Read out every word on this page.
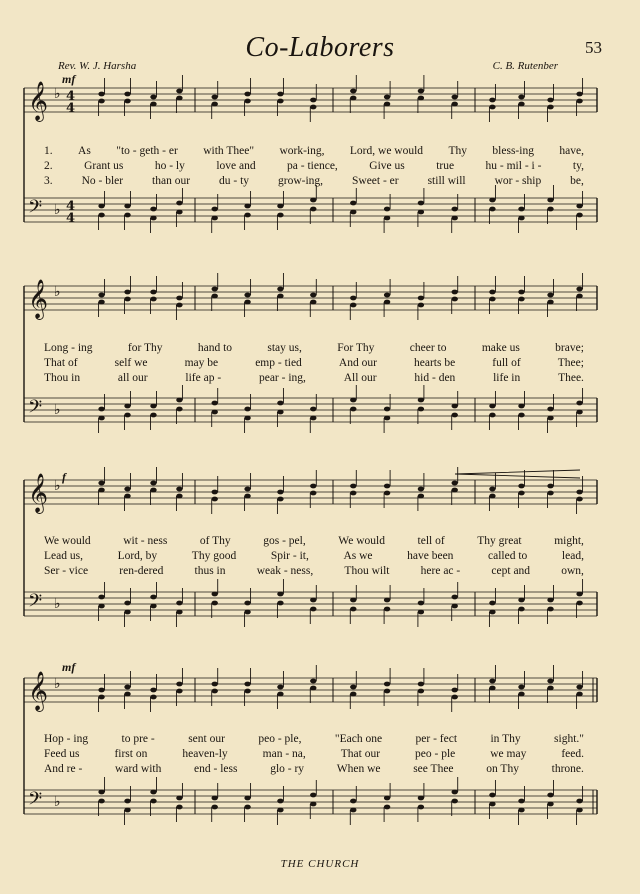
Co-Laborers	53
Rev. W. J. Harsha	C. B. Rutenber
mf
f
mf
𝄞 ♭ 4
4
𝄢 ♭ 4
4
𝄞 ♭
𝄢 ♭
𝄞 ♭
𝄢 ♭
𝄞 ♭
𝄢 ♭
1. As "to - geth - er with Thee" work-ing, Lord, we would Thy bless-ing have,
2.	Grant us	ho - ly	love and	pa - tience,	Give us	true	hu - mil - i -	ty,
3.	No - bler	than our	du - ty	grow-ing,	Sweet - er	still will	wor - ship	be,
Long - ing	for Thy	hand to	stay us,	For Thy	cheer to	make us	brave;
That of	self we	may be	emp - tied	And our	hearts be	full of	Thee;
Thou in	all our	life ap -	pear - ing,	All our	hid - den	life in	Thee.
We would	wit - ness	of Thy	gos - pel,	We would	tell of	Thy great	might,
Lead us,	Lord, by	Thy good	Spir - it,	As we	have been	called to	lead,
Ser - vice	ren-dered	thus in	weak - ness,	Thou wilt	here ac -	cept and	own,
Hop - ing	to pre -	sent our	peo - ple,	"Each one	per - fect	in Thy	sight."
Feed us	first on	heaven-ly	man - na,	That our	peo - ple	we may	feed.
And re -	ward with	end - less	glo - ry	When we	see Thee	on Thy	throne.
THE CHURCH
